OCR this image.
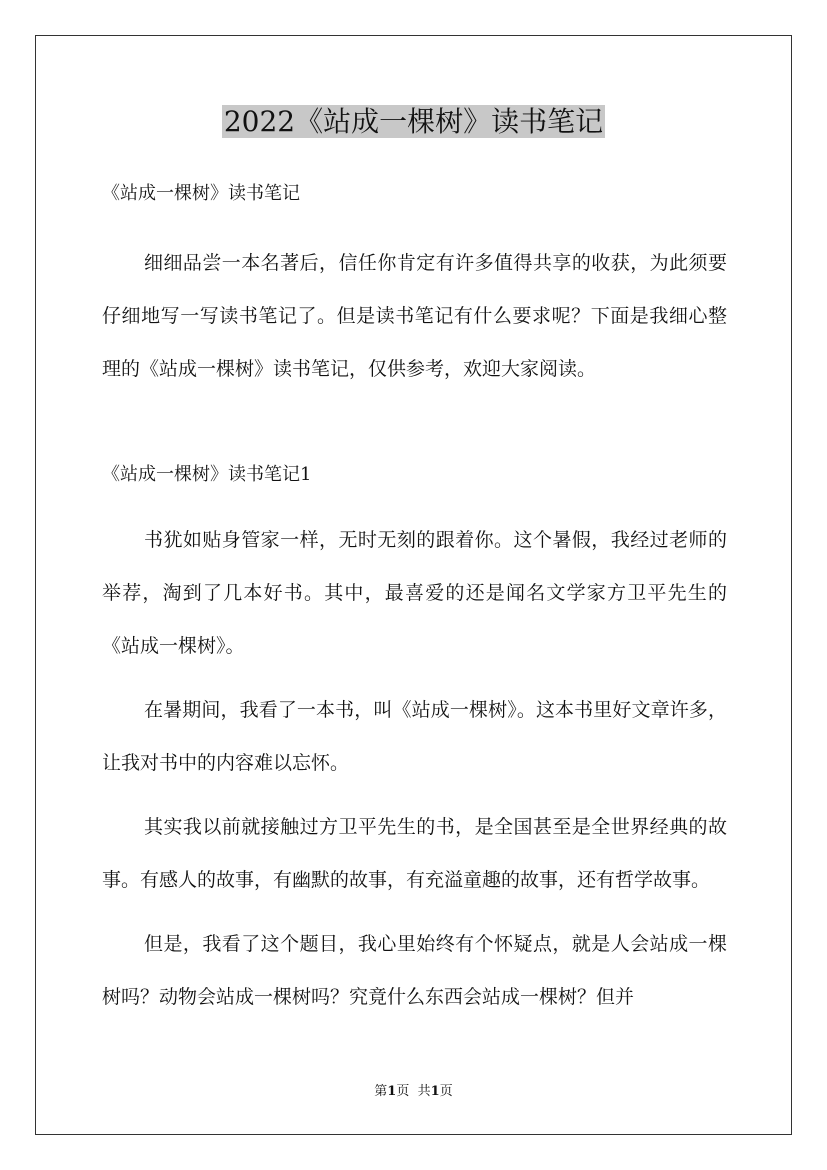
2022《站成一棵树》读书笔记

《站成一棵树》读书笔记

细细品尝一本名著后，信任你肯定有许多值得共享的收获，为此须要仔细地写一写读书笔记了。但是读书笔记有什么要求呢？下面是我细心整理的《站成一棵树》读书笔记，仅供参考，欢迎大家阅读。

《站成一棵树》读书笔记1

书犹如贴身管家一样，无时无刻的跟着你。这个暑假，我经过老师的举荐，淘到了几本好书。其中，最喜爱的还是闻名文学家方卫平先生的《站成一棵树》。

在暑期间，我看了一本书，叫《站成一棵树》。这本书里好文章许多，让我对书中的内容难以忘怀。

其实我以前就接触过方卫平先生的书，是全国甚至是全世界经典的故事。有感人的故事，有幽默的故事，有充溢童趣的故事，还有哲学故事。

但是，我看了这个题目，我心里始终有个怀疑点，就是人会站成一棵树吗？动物会站成一棵树吗？究竟什么东西会站成一棵树？但并

第1页 共1页
